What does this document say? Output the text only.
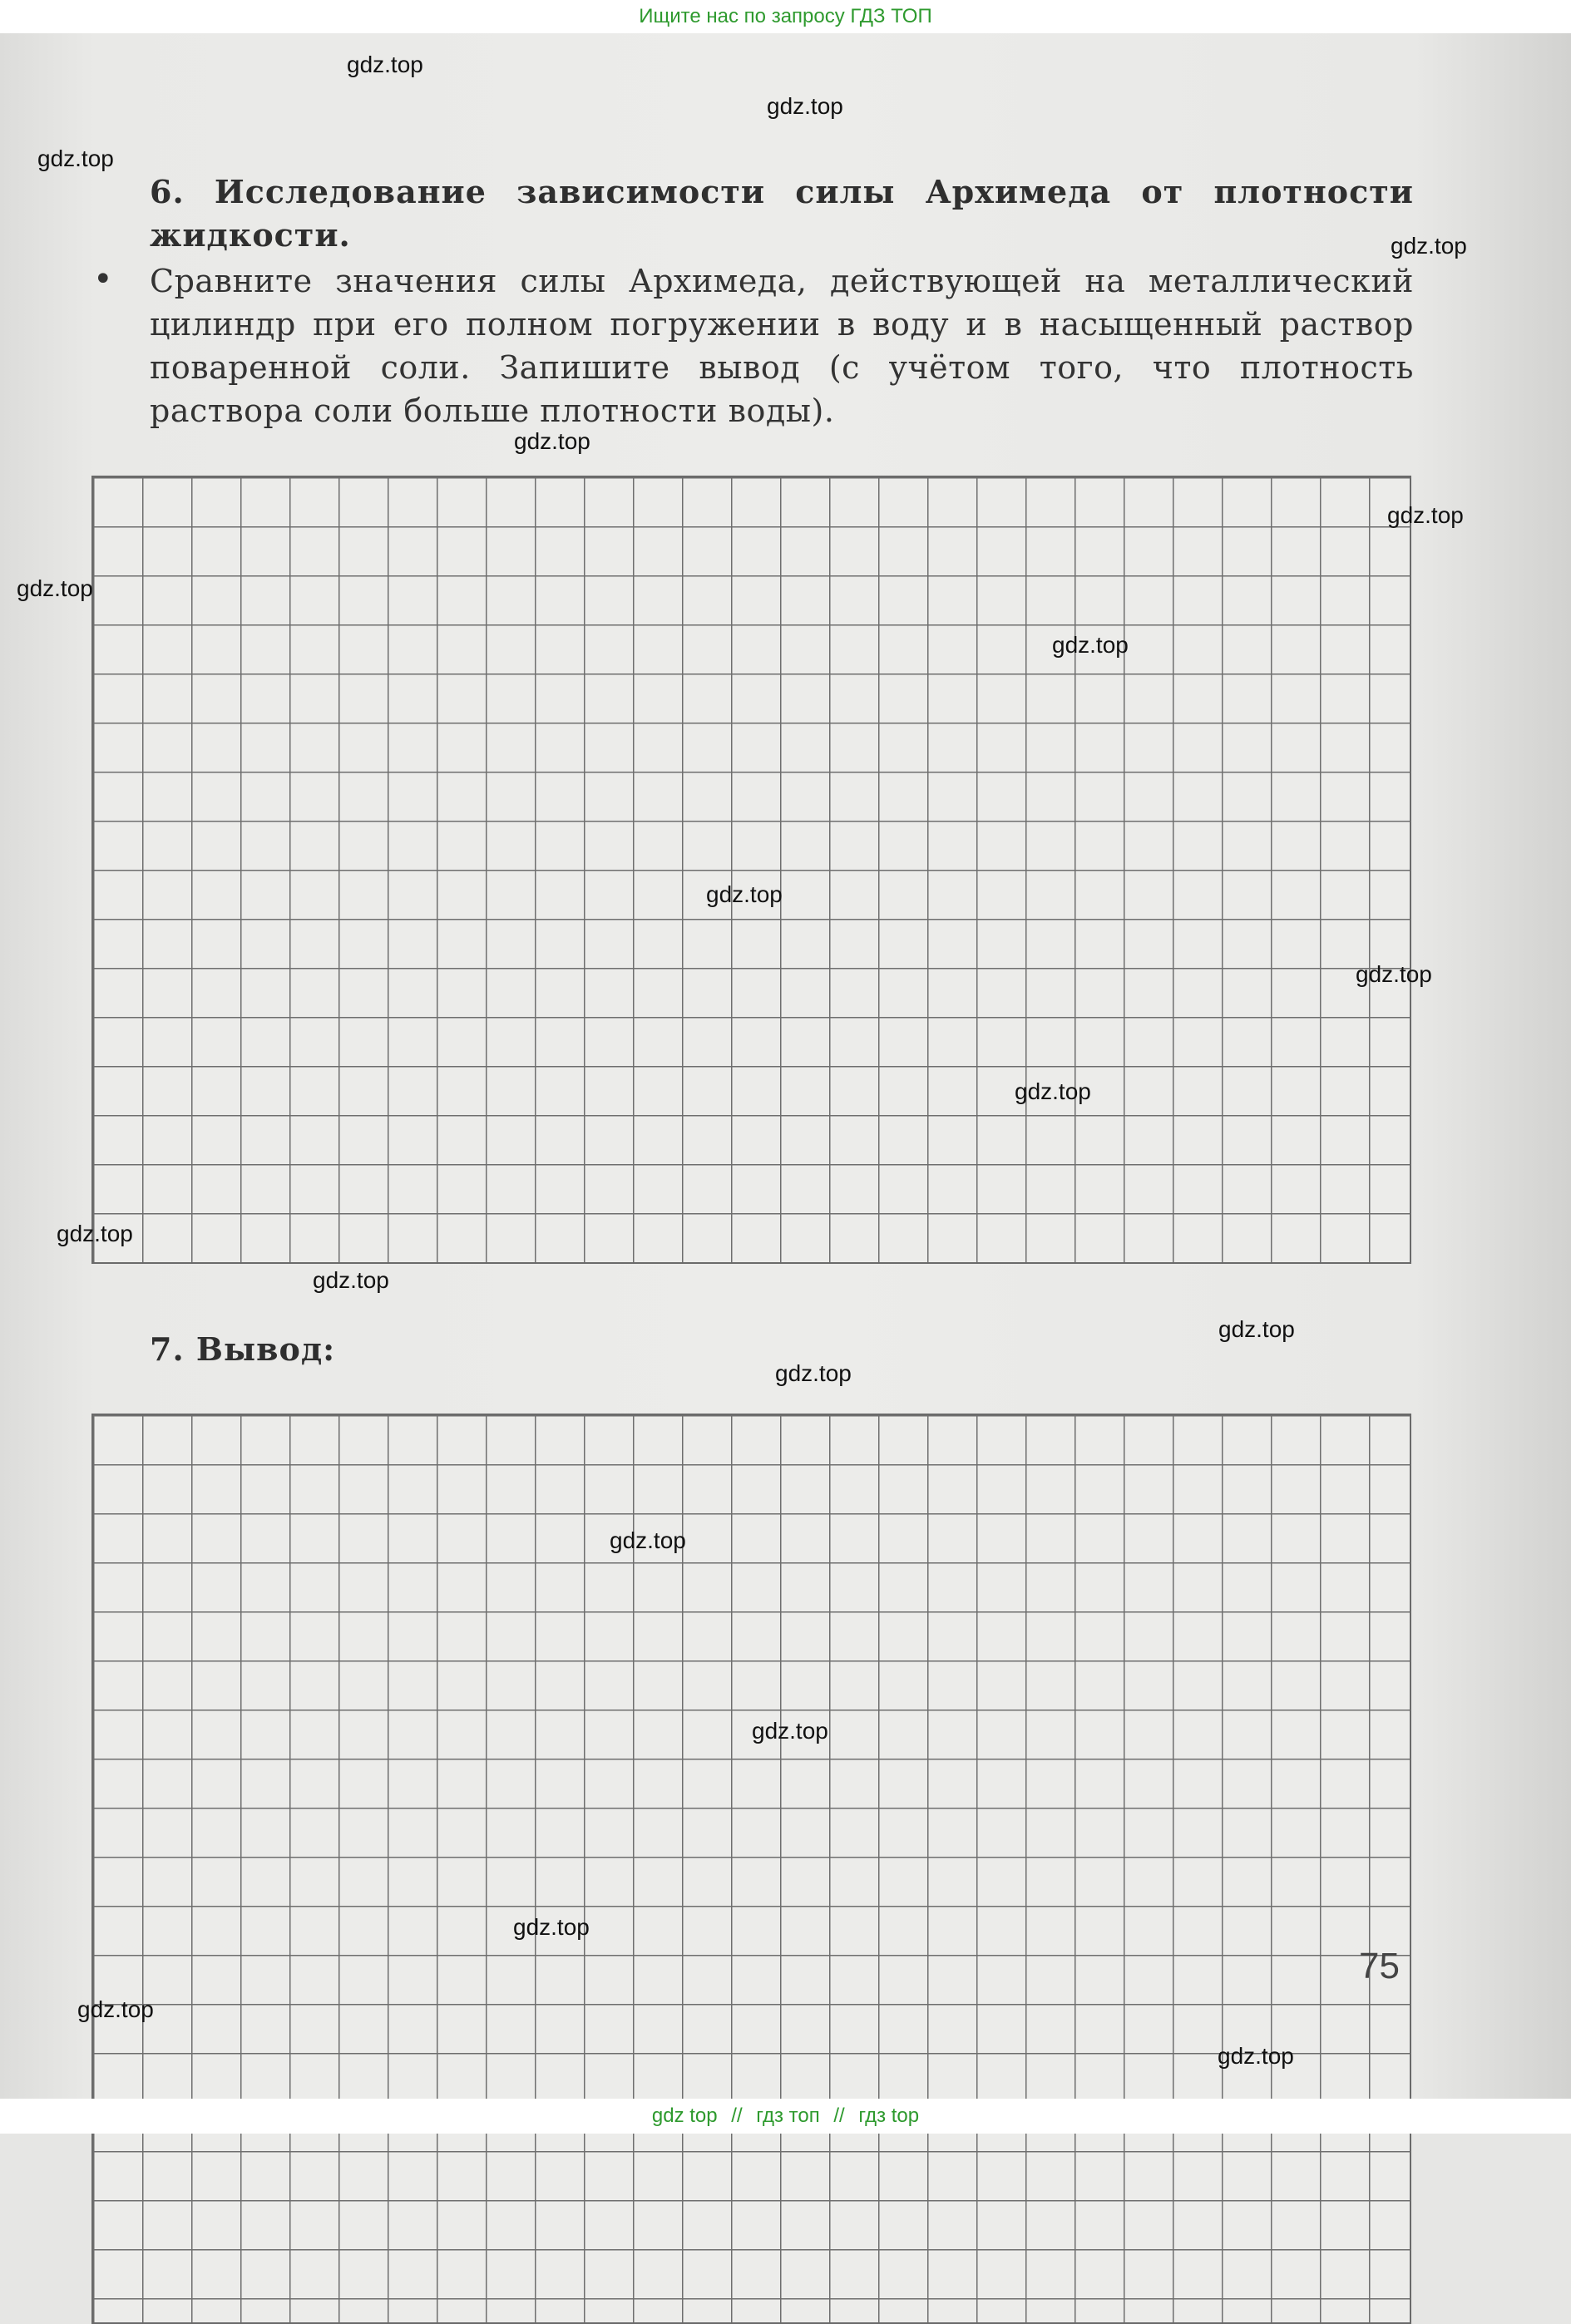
Ищите нас по запросу ГДЗ ТОП
6. Исследование зависимости силы Архимеда от плотности жидкости.
• Сравните значения силы Архимеда, действующей на металлический цилиндр при его полном погружении в воду и в насыщенный раствор поваренной соли. Запишите вывод (с учётом того, что плотность раствора соли больше плотности воды).
7. Вывод:
75
gdz.top
gdz.top
gdz.top
gdz.top
gdz.top
gdz.top
gdz.top
gdz.top
gdz.top
gdz.top
gdz.top
gdz.top
gdz.top
gdz.top
gdz.top
gdz.top
gdz.top
gdz.top
gdz.top
gdz.top
gdz top // гдз топ // гдз top
